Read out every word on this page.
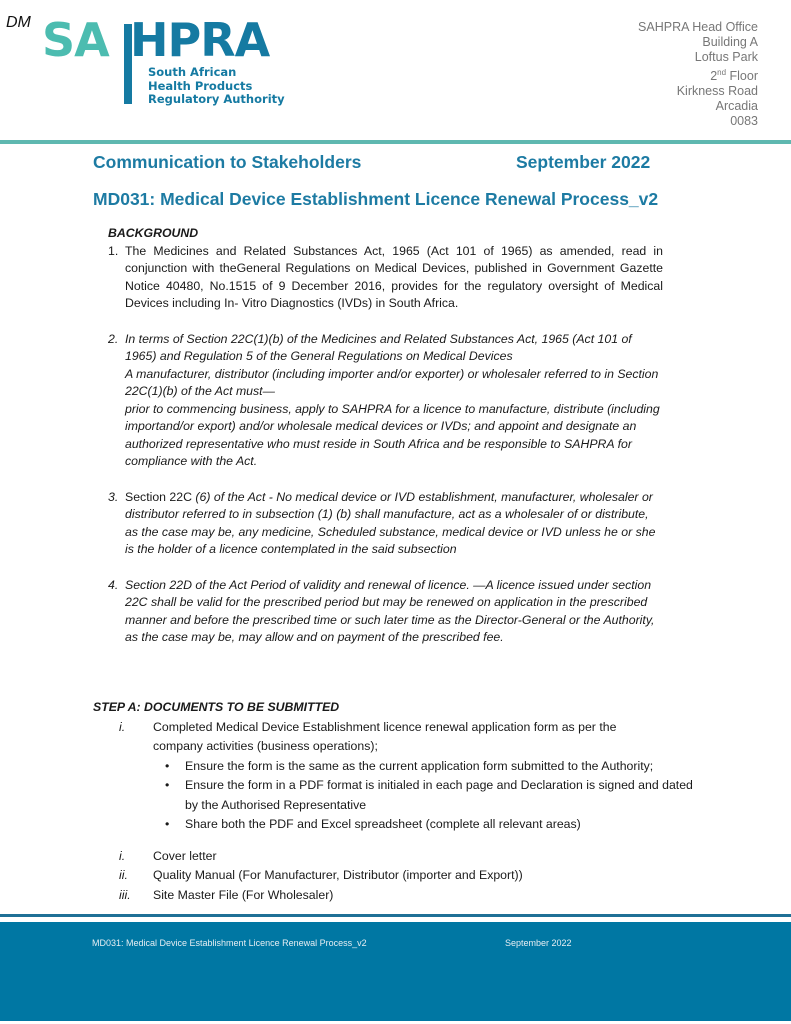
DM SA HPRA
South African
Health Products
Regulatory Authority
SAHPRA Head Office
Building A
Loftus Park
2nd Floor
Kirkness Road
Arcadia
0083
Communication to Stakeholders	September 2022
MD031: Medical Device Establishment Licence Renewal Process_v2
BACKGROUND
1. The Medicines and Related Substances Act, 1965 (Act 101 of 1965) as amended, read in conjunction with theGeneral Regulations on Medical Devices, published in Government Gazette Notice 40480, No.1515 of 9 December 2016, provides for the regulatory oversight of Medical Devices including In- Vitro Diagnostics (IVDs) in South Africa.
2. In terms of Section 22C(1)(b) of the Medicines and Related Substances Act, 1965 (Act 101 of 1965) and Regulation 5 of the General Regulations on Medical Devices
A manufacturer, distributor (including importer and/or exporter) or wholesaler referred to in Section 22C(1)(b) of the Act must—
prior to commencing business, apply to SAHPRA for a licence to manufacture, distribute (including importand/or export) and/or wholesale medical devices or IVDs; and appoint and designate an authorized representative who must reside in South Africa and be responsible to SAHPRA for compliance with the Act.
3. Section 22C (6) of the Act - No medical device or IVD establishment, manufacturer, wholesaler or distributor referred to in subsection (1) (b) shall manufacture, act as a wholesaler of or distribute, as the case may be, any medicine, Scheduled substance, medical device or IVD unless he or she is the holder of a licence contemplated in the said subsection
4. Section 22D of the Act Period of validity and renewal of licence. —A licence issued under section 22C shall be valid for the prescribed period but may be renewed on application in the prescribed manner and before the prescribed time or such later time as the Director-General or the Authority, as the case may be, may allow and on payment of the prescribed fee.
STEP A: DOCUMENTS TO BE SUBMITTED
i.	Completed Medical Device Establishment licence renewal application form as per the company activities (business operations);
•	Ensure the form is the same as the current application form submitted to the Authority;
•	Ensure the form in a PDF format is initialed in each page and Declaration is signed and dated by the Authorised Representative
•	Share both the PDF and Excel spreadsheet (complete all relevant areas)
i.	Cover letter
ii.	Quality Manual (For Manufacturer, Distributor (importer and Export))
iii.	Site Master File (For Wholesaler)
MD031: Medical Device Establishment Licence Renewal Process_v2	September 2022
